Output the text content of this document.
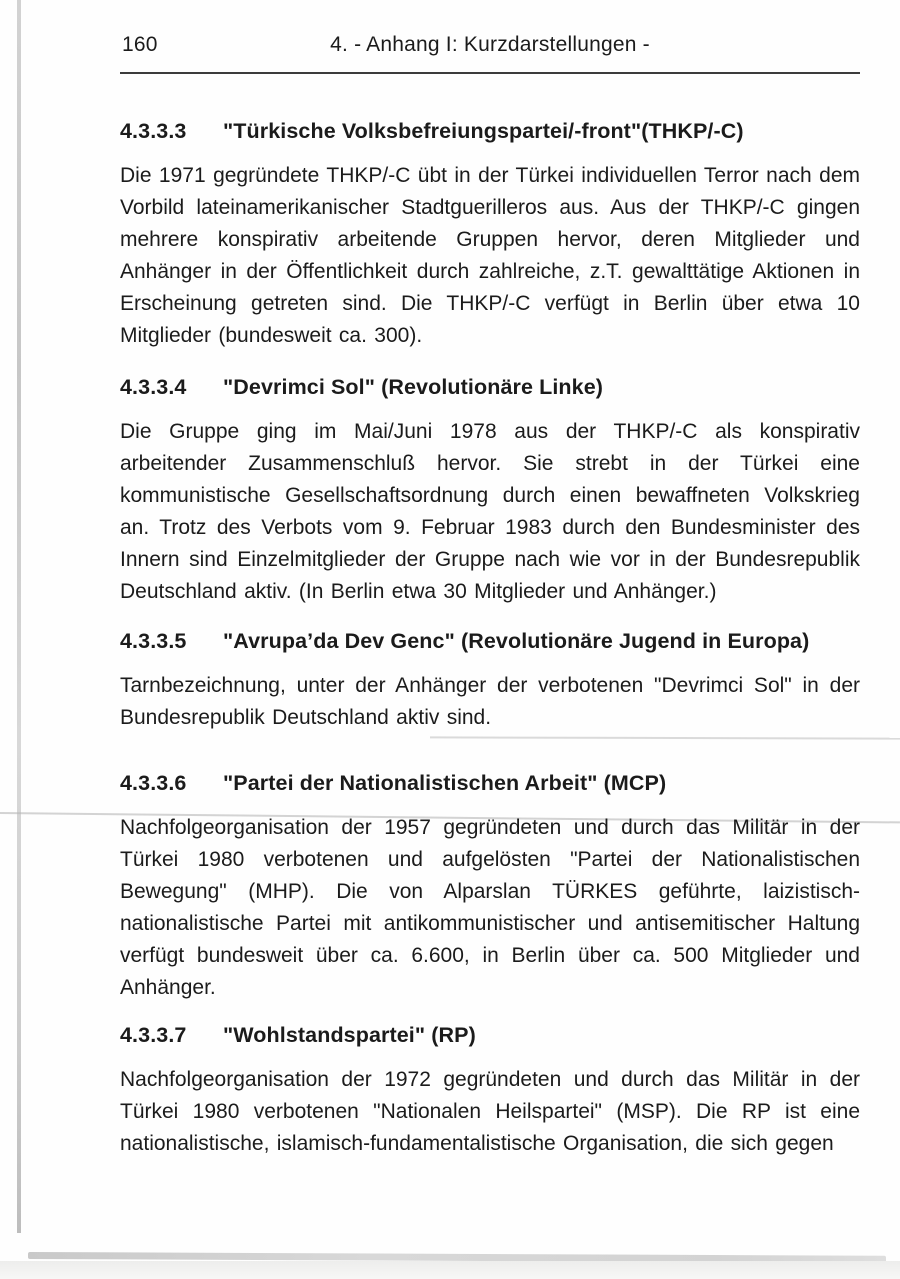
160	4. - Anhang I: Kurzdarstellungen -
4.3.3.3	"Türkische Volksbefreiungspartei/-front"(THKP/-C)

Die 1971 gegründete THKP/-C übt in der Türkei individuellen Terror nach dem Vorbild lateinamerikanischer Stadtguerilleros aus. Aus der THKP/-C gingen mehrere konspirativ arbeitende Gruppen hervor, deren Mitglieder und Anhänger in der Öffentlichkeit durch zahlreiche, z.T. gewalttätige Aktionen in Erscheinung getreten sind. Die THKP/-C verfügt in Berlin über etwa 10 Mitglieder (bundesweit ca. 300).

4.3.3.4	"Devrimci Sol" (Revolutionäre Linke)

Die Gruppe ging im Mai/Juni 1978 aus der THKP/-C als konspirativ arbeitender Zusammenschluß hervor. Sie strebt in der Türkei eine kommunistische Gesellschaftsordnung durch einen bewaffneten Volkskrieg an. Trotz des Verbots vom 9. Februar 1983 durch den Bundesminister des Innern sind Einzelmitglieder der Gruppe nach wie vor in der Bundesrepublik Deutschland aktiv. (In Berlin etwa 30 Mitglieder und Anhänger.)

4.3.3.5	"Avrupa’da Dev Genc" (Revolutionäre Jugend in Europa)

Tarnbezeichnung, unter der Anhänger der verbotenen "Devrimci Sol" in der Bundesrepublik Deutschland aktiv sind.

4.3.3.6	"Partei der Nationalistischen Arbeit" (MCP)

Nachfolgeorganisation der 1957 gegründeten und durch das Militär in der Türkei 1980 verbotenen und aufgelösten "Partei der Nationalistischen Bewegung" (MHP). Die von Alparslan TÜRKES geführte, laizistisch-nationalistische Partei mit antikommunistischer und antisemitischer Haltung verfügt bundesweit über ca. 6.600, in Berlin über ca. 500 Mitglieder und Anhänger.

4.3.3.7	"Wohlstandspartei" (RP)

Nachfolgeorganisation der 1972 gegründeten und durch das Militär in der Türkei 1980 verbotenen "Nationalen Heilspartei" (MSP). Die RP ist eine nationalistische, islamisch-fundamentalistische Organisation, die sich gegen
